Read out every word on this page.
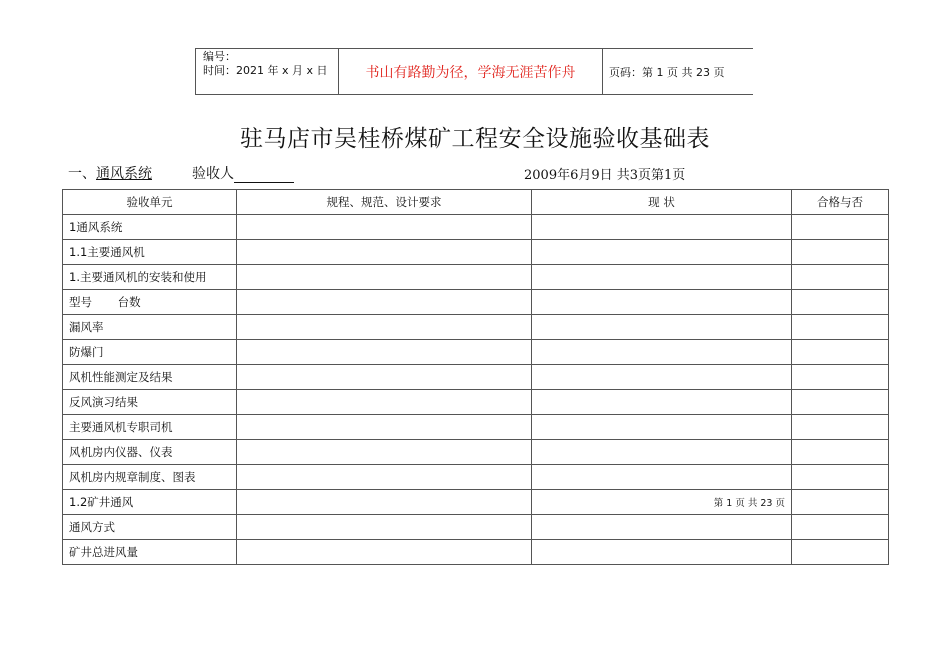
编号：
时间：2021 年 x 月 x 日	书山有路勤为径，学海无涯苦作舟	页码：第 1 页 共 23 页
驻马店市吴桂桥煤矿工程安全设施验收基础表
一、通风系统	验收人	2009年6月9日 共3页第1页
验收单元	规程、规范、设计要求	现 状	合格与否
1通风系统			
1.1主要通风机			
1.主要通风机的安装和使用			
型号       台数			
漏风率			
防爆门			
风机性能测定及结果			
反风演习结果			
主要通风机专职司机			
风机房内仪器、仪表			
风机房内规章制度、图表			
1.2矿井通风		第 1 页 共 23 页	
通风方式			
矿井总进风量			
